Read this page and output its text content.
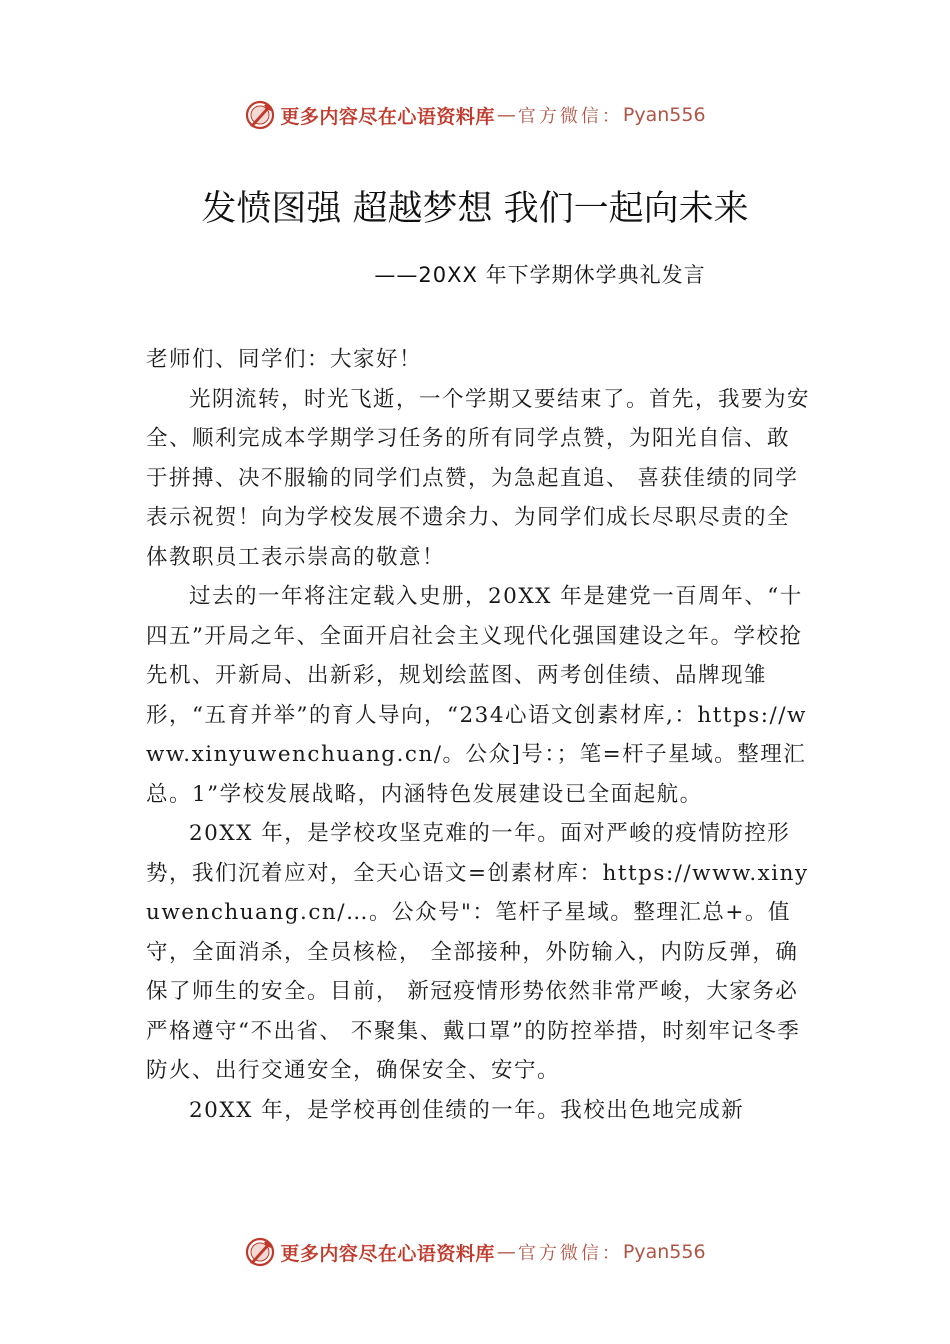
更多内容尽在心语资料库 — 官方微信： Pyan556
发愤图强 超越梦想 我们一起向未来
——20XX 年下学期休学典礼发言

老师们、同学们：大家好！

光阴流转，时光飞逝，一个学期又要结束了。首先，我要为安全、顺利完成本学期学习任务的所有同学点赞，为阳光自信、敢于拼搏、决不服输的同学们点赞，为急起直追、 喜获佳绩的同学表示祝贺！向为学校发展不遗余力、为同学们成长尽职尽责的全体教职员工表示崇高的敬意！

过去的一年将注定载入史册，20XX 年是建党一百周年、“十四五”开局之年、全面开启社会主义现代化强国建设之年。学校抢先机、开新局、出新彩，规划绘蓝图、两考创佳绩、品牌现雏形，“五育并举”的育人导向，“234心语文创素材库,：https://www.xinyuwenchuang.cn/。公众]号：；笔=杆子星域。整理汇总。1”学校发展战略，内涵特色发展建设已全面起航。

20XX 年，是学校攻坚克难的一年。面对严峻的疫情防控形势，我们沉着应对，全天心语文=创素材库：https://www.xinyuwenchuang.cn/…。公众号"：笔杆子星域。整理汇总+。值守，全面消杀，全员核检， 全部接种，外防输入，内防反弹，确保了师生的安全。目前， 新冠疫情形势依然非常严峻，大家务必严格遵守“不出省、 不聚集、戴口罩”的防控举措，时刻牢记冬季防火、出行交通安全，确保安全、安宁。

20XX 年，是学校再创佳绩的一年。我校出色地完成新

更多内容尽在心语资料库 — 官方微信： Pyan556
